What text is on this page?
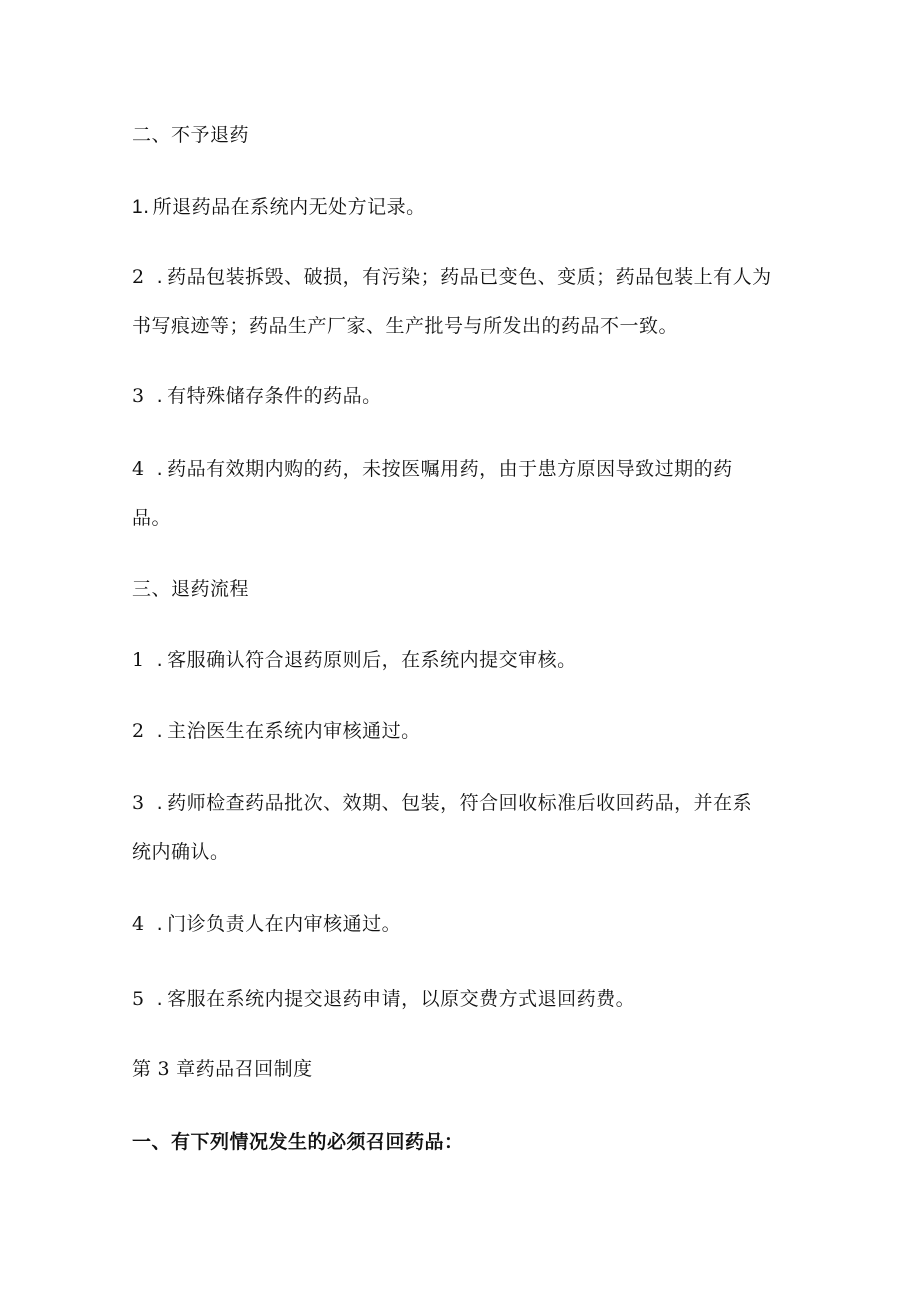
二、不予退药
1. 所退药品在系统内无处方记录。
2 . 药品包装拆毁、破损，有污染；药品已变色、变质；药品包装上有人为
书写痕迹等；药品生产厂家、生产批号与所发出的药品不一致。
3 . 有特殊储存条件的药品。
4 . 药品有效期内购的药，未按医嘱用药，由于患方原因导致过期的药
品。
三、退药流程
1 . 客服确认符合退药原则后，在系统内提交审核。
2 . 主治医生在系统内审核通过。
3 . 药师检查药品批次、效期、包装，符合回收标准后收回药品，并在系
统内确认。
4 . 门诊负责人在内审核通过。
5 . 客服在系统内提交退药申请，以原交费方式退回药费。
第 3 章药品召回制度
一、有下列情况发生的必须召回药品：
